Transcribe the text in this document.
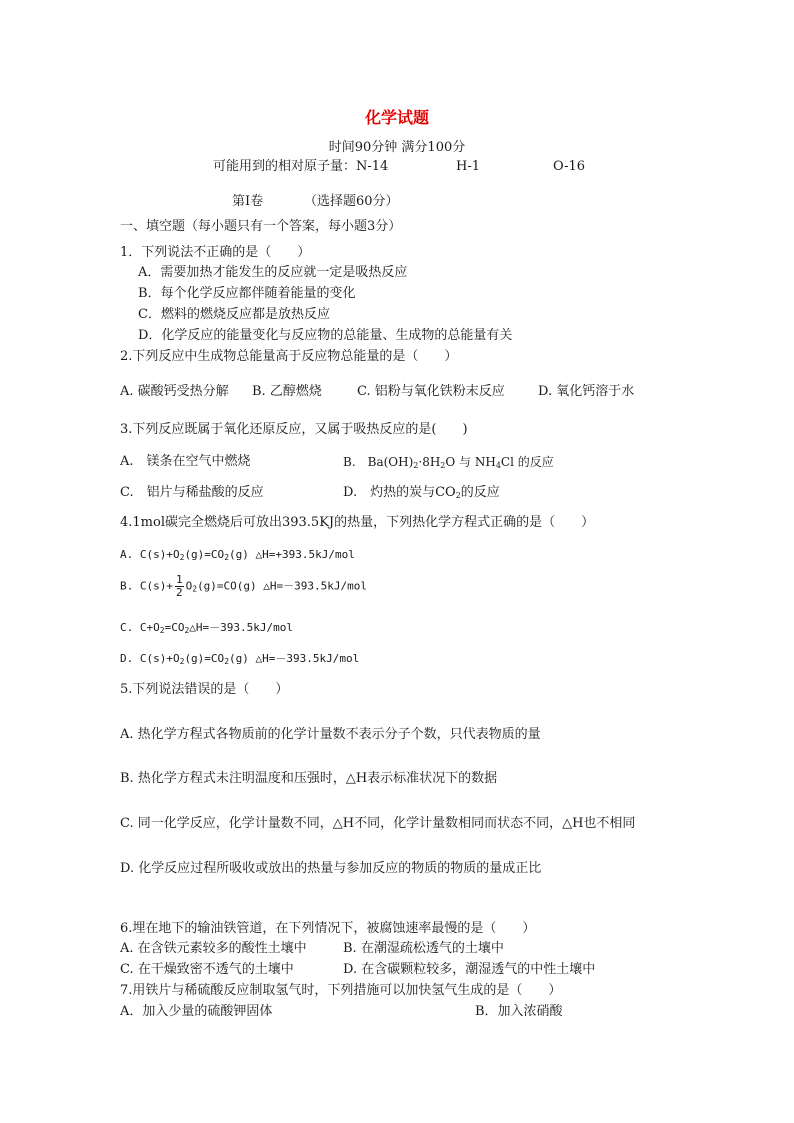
化学试题
时间90分钟 满分100分
可能用到的相对原子量：N-14	H-1	O-16
第Ⅰ卷	（选择题60分）
一、填空题（每小题只有一个答案，每小题3分）
1．下列说法不正确的是（　　）
A．需要加热才能发生的反应就一定是吸热反应
B．每个化学反应都伴随着能量的变化
C．燃料的燃烧反应都是放热反应
D．化学反应的能量变化与反应物的总能量、生成物的总能量有关
2.下列反应中生成物总能量高于反应物总能量的是（　　）
A. 碳酸钙受热分解 B. 乙醇燃烧	C. 铝粉与氧化铁粉末反应	D. 氧化钙溶于水
3.下列反应既属于氧化还原反应，又属于吸热反应的是(　　)
A.　镁条在空气中燃烧	B.　$Ba(OH)_2\cdot 8H_2O$ 与 $NH_4Cl$ 的反应
C.　铝片与稀盐酸的反应	D.　灼热的炭与$CO_2$的反应
4.1mol碳完全燃烧后可放出393.5KJ的热量，下列热化学方程式正确的是（　　）
A. $C(s)+O_2(g)=CO_2(g)$ △H=+393.5kJ/mol
B. $C(s)+ \frac{1}{2} O_2(g)=CO(g)$ △H=－393.5kJ/mol
C. $C+O_2=CO_2\triangle H=-393.5kJ$/mol
D. $C(s)+O_2(g)=CO_2(g)$ △H=－393.5kJ/mol
5.下列说法错误的是（　　）
A. 热化学方程式各物质前的化学计量数不表示分子个数，只代表物质的量
B. 热化学方程式未注明温度和压强时，△H表示标准状况下的数据
C. 同一化学反应，化学计量数不同，△H不同，化学计量数相同而状态不同，△H也不相同
D. 化学反应过程所吸收或放出的热量与参加反应的物质的物质的量成正比
6.埋在地下的输油铁管道，在下列情况下，被腐蚀速率最慢的是（　　）
A. 在含铁元素较多的酸性土壤中	B. 在潮湿疏松透气的土壤中
C. 在干燥致密不透气的土壤中	D. 在含碳颗粒较多，潮湿透气的中性土壤中
7.用铁片与稀硫酸反应制取氢气时，下列措施可以加快氢气生成的是（　　）
A．加入少量的硫酸钾固体	B．加入浓硝酸
